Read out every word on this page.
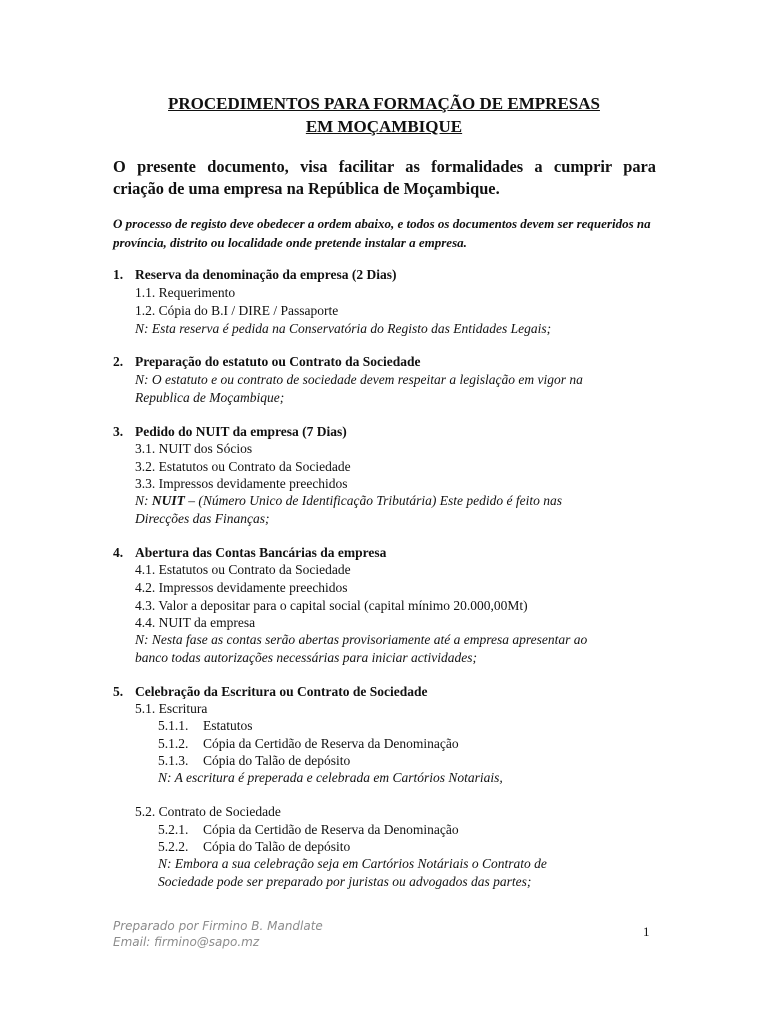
PROCEDIMENTOS PARA FORMAÇÃO DE EMPRESAS
EM MOÇAMBIQUE
O presente documento, visa facilitar as formalidades a cumprir para
criação de uma empresa na República de Moçambique.
O processo de registo deve obedecer a ordem abaixo, e todos os documentos devem ser requeridos na província, distrito ou localidade onde pretende instalar a empresa.
1. Reserva da denominação da empresa (2 Dias)
1.1. Requerimento
1.2. Cópia do B.I / DIRE / Passaporte
N: Esta reserva é pedida na Conservatória do Registo das Entidades Legais;
2. Preparação do estatuto ou Contrato da Sociedade
N: O estatuto e ou contrato de sociedade devem respeitar a legislação em vigor na
Republica de Moçambique;
3. Pedido do NUIT da empresa (7 Dias)
3.1. NUIT dos Sócios
3.2. Estatutos ou Contrato da Sociedade
3.3. Impressos devidamente preechidos
N: NUIT – (Número Unico de Identificação Tributária) Este pedido é feito nas
Direcções das Finanças;
4. Abertura das Contas Bancárias da empresa
4.1. Estatutos ou Contrato da Sociedade
4.2. Impressos devidamente preechidos
4.3. Valor a depositar para o capital social (capital mínimo 20.000,00Mt)
4.4. NUIT da empresa
N: Nesta fase as contas serão abertas provisoriamente até a empresa apresentar ao
banco todas autorizações necessárias para iniciar actividades;
5. Celebração da Escritura ou Contrato de Sociedade
5.1. Escritura
5.1.1. Estatutos
5.1.2. Cópia da Certidão de Reserva da Denominação
5.1.3. Cópia do Talão de depósito
N: A escritura é preperada e celebrada em Cartórios Notariais,
5.2. Contrato de Sociedade
5.2.1. Cópia da Certidão de Reserva da Denominação
5.2.2. Cópia do Talão de depósito
N: Embora a sua celebração seja em Cartórios Notáriais o Contrato de
Sociedade pode ser preparado por juristas ou advogados das partes;
Preparado por Firmino B. Mandlate
Email: firmino@sapo.mz
1
